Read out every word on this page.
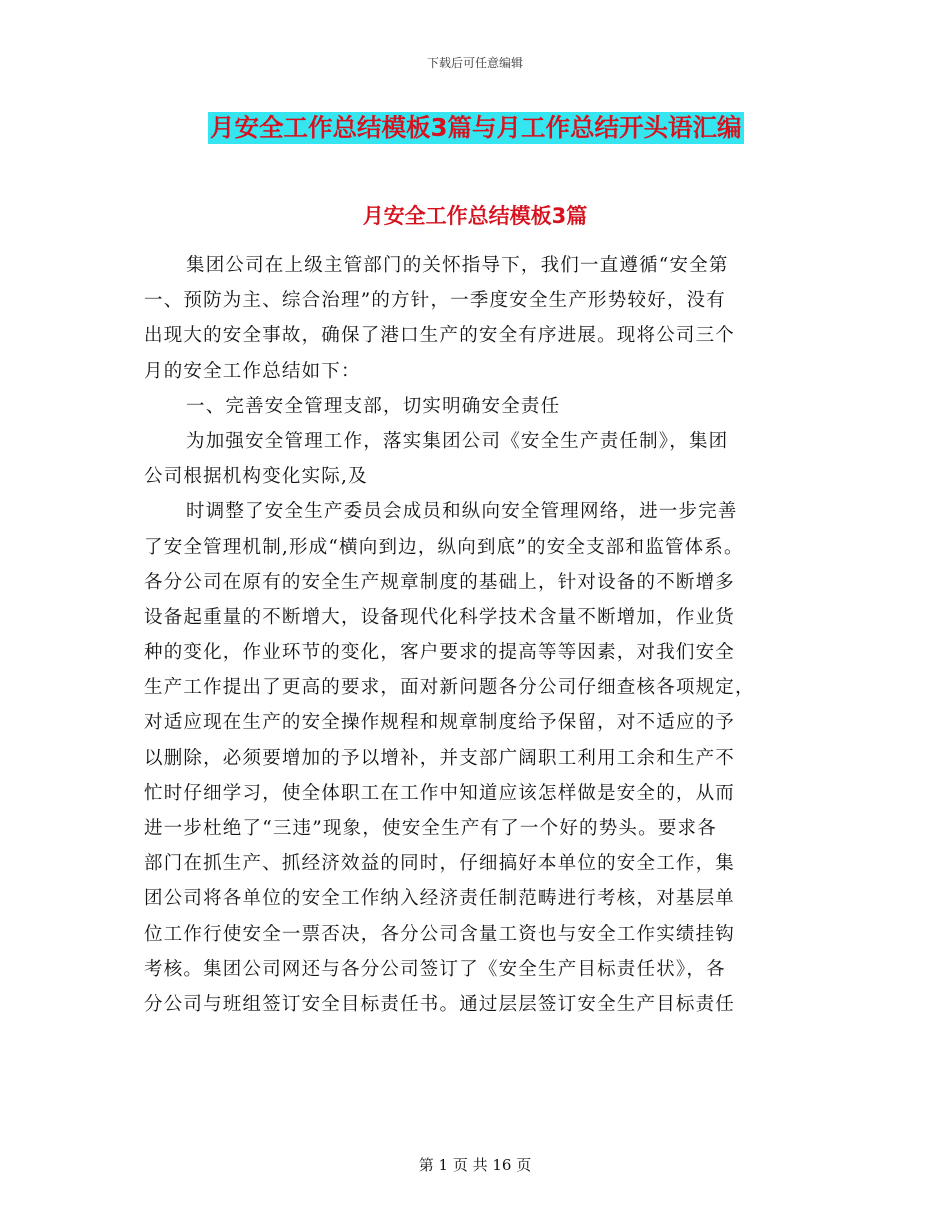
下载后可任意编辑
月安全工作总结模板3篇与月工作总结开头语汇编
月安全工作总结模板3篇
集团公司在上级主管部门的关怀指导下，我们一直遵循“安全第
一、预防为主、综合治理”的方针，一季度安全生产形势较好，没有
出现大的安全事故，确保了港口生产的安全有序进展。现将公司三个
月的安全工作总结如下：
一、完善安全管理支部，切实明确安全责任
为加强安全管理工作，落实集团公司《安全生产责任制》，集团
公司根据机构变化实际,及
时调整了安全生产委员会成员和纵向安全管理网络，进一步完善
了安全管理机制,形成“横向到边，纵向到底”的安全支部和监管体系。
各分公司在原有的安全生产规章制度的基础上，针对设备的不断增多
设备起重量的不断增大，设备现代化科学技术含量不断增加，作业货
种的变化，作业环节的变化，客户要求的提高等等因素，对我们安全
生产工作提出了更高的要求，面对新问题各分公司仔细查核各项规定，
对适应现在生产的安全操作规程和规章制度给予保留，对不适应的予
以删除，必须要增加的予以增补，并支部广阔职工利用工余和生产不
忙时仔细学习，使全体职工在工作中知道应该怎样做是安全的，从而
进一步杜绝了“三违”现象，使安全生产有了一个好的势头。要求各
部门在抓生产、抓经济效益的同时，仔细搞好本单位的安全工作，集
团公司将各单位的安全工作纳入经济责任制范畴进行考核，对基层单
位工作行使安全一票否决，各分公司含量工资也与安全工作实绩挂钩
考核。集团公司网还与各分公司签订了《安全生产目标责任状》，各
分公司与班组签订安全目标责任书。通过层层签订安全生产目标责任
第 1 页 共 16 页
